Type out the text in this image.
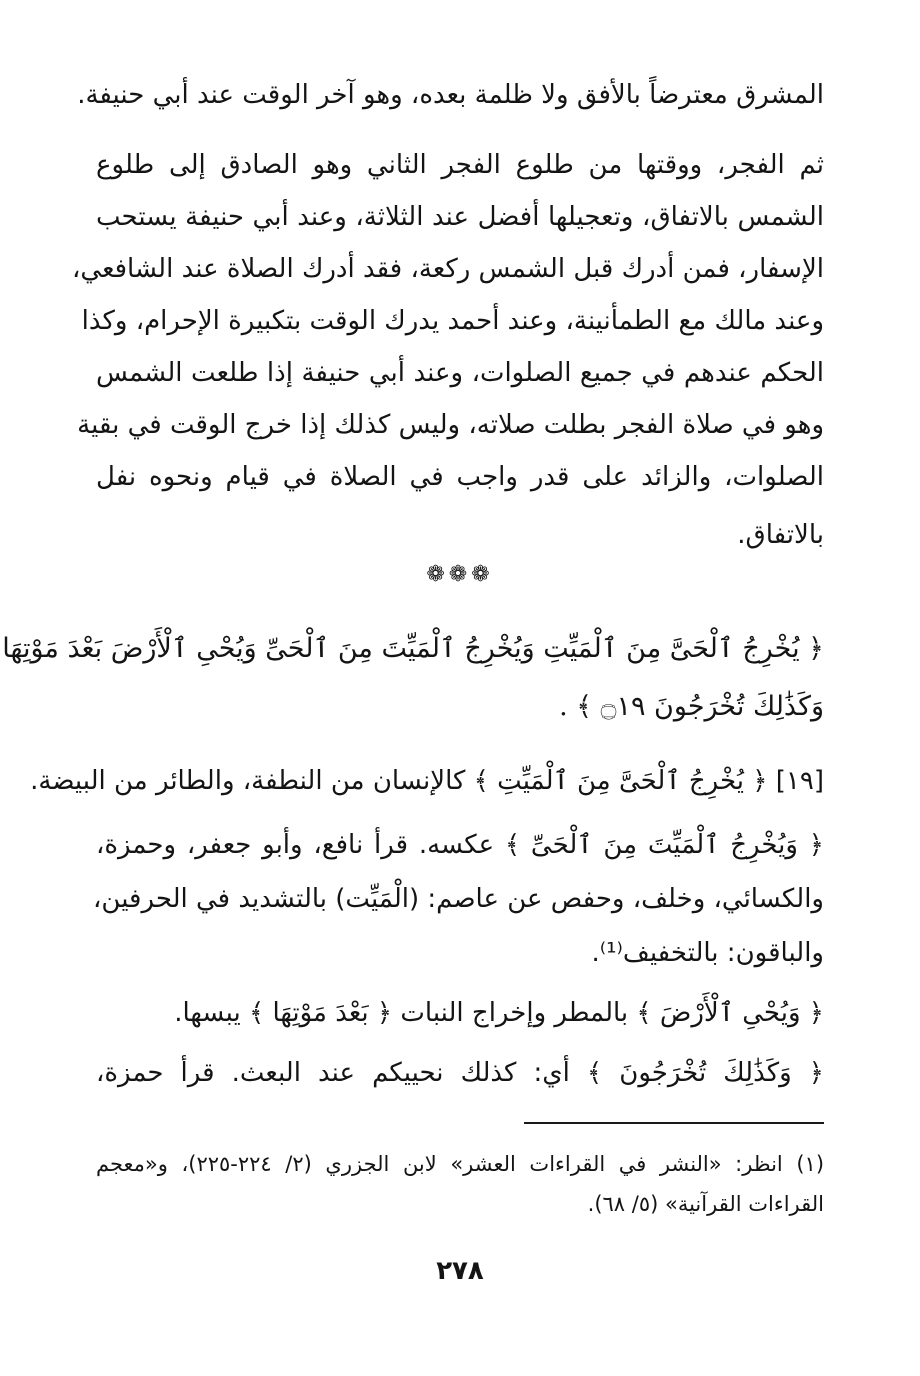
المشرق معترضاً بالأفق ولا ظلمة بعده، وهو آخر الوقت عند أبي حنيفة.
ثم الفجر، ووقتها من طلوع الفجر الثاني وهو الصادق إلى طلوع
الشمس بالاتفاق، وتعجيلها أفضل عند الثلاثة، وعند أبي حنيفة يستحب
الإسفار، فمن أدرك قبل الشمس ركعة، فقد أدرك الصلاة عند الشافعي،
وعند مالك مع الطمأنينة، وعند أحمد يدرك الوقت بتكبيرة الإحرام، وكذا
الحكم عندهم في جميع الصلوات، وعند أبي حنيفة إذا طلعت الشمس
وهو في صلاة الفجر بطلت صلاته، وليس كذلك إذا خرج الوقت في بقية
الصلوات، والزائد على قدر واجب في الصلاة في قيام ونحوه نفل
بالاتفاق.
❁❁❁
﴿ يُخْرِجُ ٱلْحَىَّ مِنَ ٱلْمَيِّتِ وَيُخْرِجُ ٱلْمَيِّتَ مِنَ ٱلْحَىِّ وَيُحْىِ ٱلْأَرْضَ بَعْدَ مَوْتِهَا
وَكَذَٰلِكَ تُخْرَجُونَ ۝١٩ ﴾ .
[١٩] ﴿ يُخْرِجُ ٱلْحَىَّ مِنَ ٱلْمَيِّتِ ﴾ كالإنسان من النطفة، والطائر من البيضة.
﴿ وَيُخْرِجُ ٱلْمَيِّتَ مِنَ ٱلْحَىِّ ﴾ عكسه. قرأ نافع، وأبو جعفر، وحمزة،
والكسائي، وخلف، وحفص عن عاصم: (الْمَيِّت) بالتشديد في الحرفين،
والباقون: بالتخفيف⁽¹⁾.
﴿ وَيُحْىِ ٱلْأَرْضَ ﴾ بالمطر وإخراج النبات ﴿ بَعْدَ مَوْتِهَا ﴾ يبسها.
﴿ وَكَذَٰلِكَ تُخْرَجُونَ ﴾ أي: كذلك نحييكم عند البعث. قرأ حمزة،
(١) انظر: «النشر في القراءات العشر» لابن الجزري (٢/ ٢٢٤-٢٢٥)، و«معجم
القراءات القرآنية» (٥/ ٦٨).
٢٧٨
